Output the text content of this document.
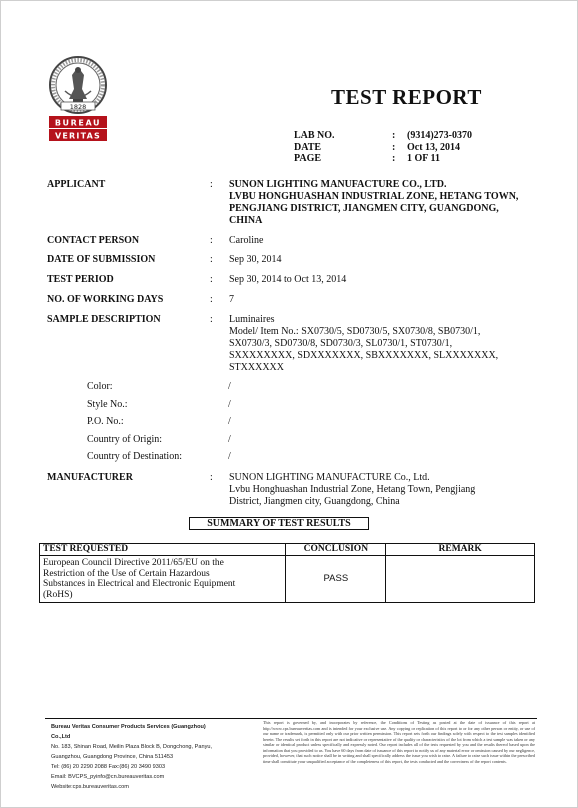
1828
BUREAU
VERITAS
TEST REPORT
LAB NO.	:	(9314)273-0370
DATE	:	Oct 13, 2014
PAGE	:	1 OF 11
APPLICANT	: SUNON LIGHTING MANUFACTURE CO., LTD.
LVBU HONGHUASHAN INDUSTRIAL ZONE, HETANG TOWN,
PENGJIANG DISTRICT, JIANGMEN CITY, GUANGDONG,
CHINA
CONTACT PERSON	: Caroline
DATE OF SUBMISSION	: Sep 30, 2014
TEST PERIOD	: Sep 30, 2014 to Oct 13, 2014
NO. OF WORKING DAYS	: 7
SAMPLE DESCRIPTION	: Luminaires
Model/ Item No.: SX0730/5, SD0730/5, SX0730/8, SB0730/1,
SX0730/3, SD0730/8, SD0730/3, SL0730/1, ST0730/1,
SXXXXXXXX, SDXXXXXXX, SBXXXXXXX, SLXXXXXXX,
STXXXXXX
Color:	/
Style No.:	/
P.O. No.:	/
Country of Origin:	/
Country of Destination:	/
MANUFACTURER	: SUNON LIGHTING MANUFACTURE Co., Ltd.
Lvbu Honghuashan Industrial Zone, Hetang Town, Pengjiang
District, Jiangmen city, Guangdong, China
SUMMARY OF TEST RESULTS
TEST REQUESTED	CONCLUSION	REMARK

European Council Directive 2011/65/EU on the
Restriction of the Use of Certain Hazardous
Substances in Electrical and Electronic Equipment
(RoHS)	PASS	
Bureau Veritas Consumer Products Services (Guangzhou)
Co.,Ltd
No. 183, Shinan Road, Meilin Plaza Block B, Dongchong, Panyu,
Guangzhou, Guangdong Province, China 511453
Tel: (86) 20 2290 2088 Fax:(86) 20 3490 9303
Email: BVCPS_pyinfo@cn.bureauveritas.com
Website:cps.bureauveritas.com
This report is governed by, and incorporates by reference, the Conditions of Testing as posted at the date of issuance of this report at http://www.cps.bureauveritas.com and is intended for your exclusive use. Any copying or replication of this report to or for any other person or entity, or use of our name or trademark, is permitted only with our prior written permission. This report sets forth our findings solely with respect to the test samples identified herein. The results set forth in this report are not indicative or representative of the quality or characteristics of the lot from which a test sample was taken or any similar or identical product unless specifically and expressly noted. Our report includes all of the tests requested by you and the results thereof based upon the information that you provided to us. You have 60 days from date of issuance of this report to notify us of any material error or omission caused by our negligence, provided, however, that such notice shall be in writing and shall specifically address the issue you wish to raise. A failure to raise such issue within the prescribed time shall constitute your unqualified acceptance of the completeness of this report, the tests conducted and the correctness of the report contents.
